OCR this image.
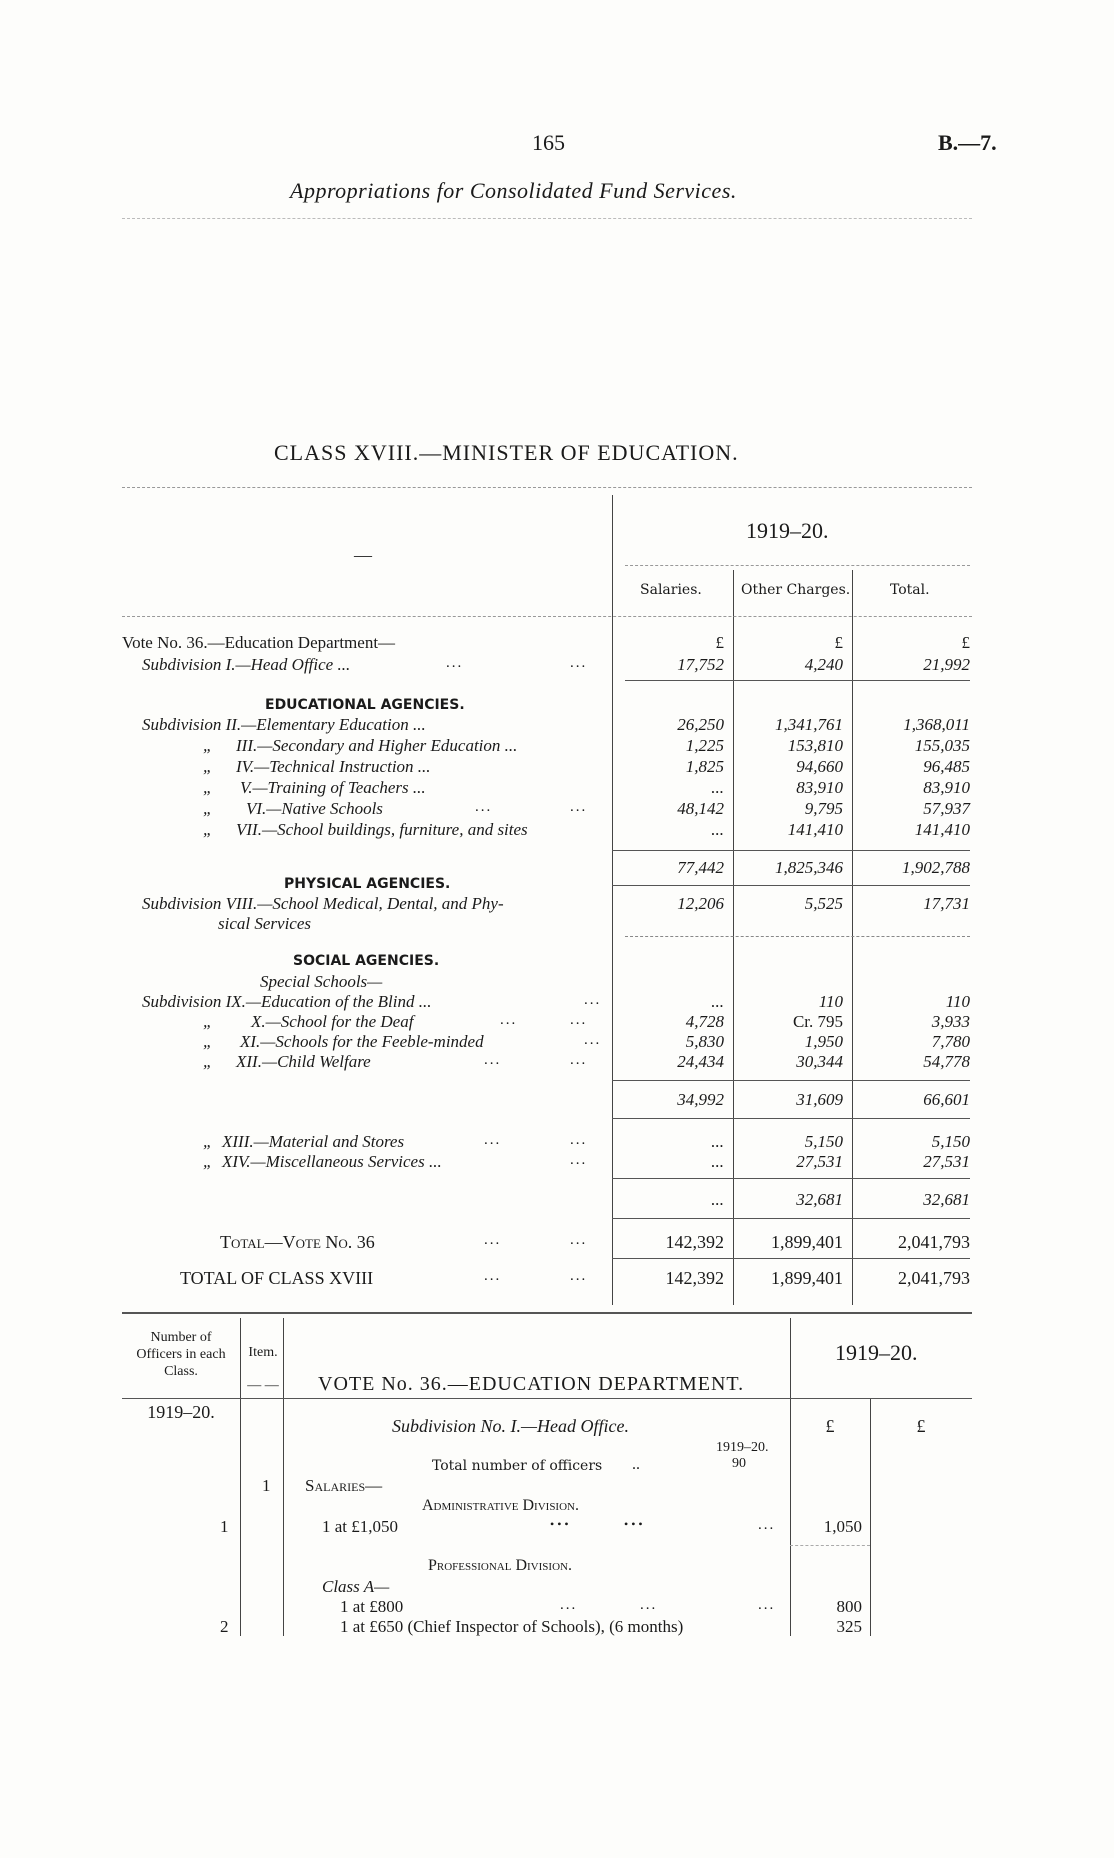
165	B.—7.
Appropriations for Consolidated Fund Services.
CLASS XVIII.—MINISTER OF EDUCATION.
—
1919–20.
Salaries.	Other Charges.	Total.
Vote No. 36.—Education Department—	£	£	£
Subdivision I.—Head Office ...	...	...	17,752	4,240	21,992
EDUCATIONAL AGENCIES.
Subdivision II.—Elementary Education ...	26,250	1,341,761	1,368,011
„ III.—Secondary and Higher Education ...	1,225	153,810	155,035
„ IV.—Technical Instruction ...	1,825	94,660	96,485
„ V.—Training of Teachers ...	...	83,910	83,910
„ VI.—Native Schools	...	...	48,142	9,795	57,937
„ VII.—School buildings, furniture, and sites	...	141,410	141,410
77,442	1,825,346	1,902,788
PHYSICAL AGENCIES.
Subdivision VIII.—School Medical, Dental, and Phy-
sical Services
12,206	5,525	17,731
SOCIAL AGENCIES.
Special Schools—
Subdivision IX.—Education of the Blind ...	...	...	110	110
„ X.—School for the Deaf	...	...	4,728	Cr. 795	3,933
„ XI.—Schools for the Feeble-minded	...	5,830	1,950	7,780
„ XII.—Child Welfare	...	...	24,434	30,344	54,778
34,992	31,609	66,601
„ XIII.—Material and Stores	...	...	...	5,150	5,150
„ XIV.—Miscellaneous Services ...	...	...	27,531	27,531
...	32,681	32,681
Total—Vote No. 36	...	...	142,392	1,899,401	2,041,793
TOTAL OF CLASS XVIII	...	...	142,392	1,899,401	2,041,793
Number of
Officers in each
Class.
Item.
— — VOTE No. 36.—EDUCATION DEPARTMENT.
1919–20.
1919–20.
Subdivision No. I.—Head Office.	£	£
1919–20.
Total number of officers ..	90
1 Salaries—
Administrative Division.
1	1 at £1,050	•••	•••	...	1,050
Professional Division.
Class A—
1 at £800	...	...	...	800
2	1 at £650 (Chief Inspector of Schools), (6 months)	325
